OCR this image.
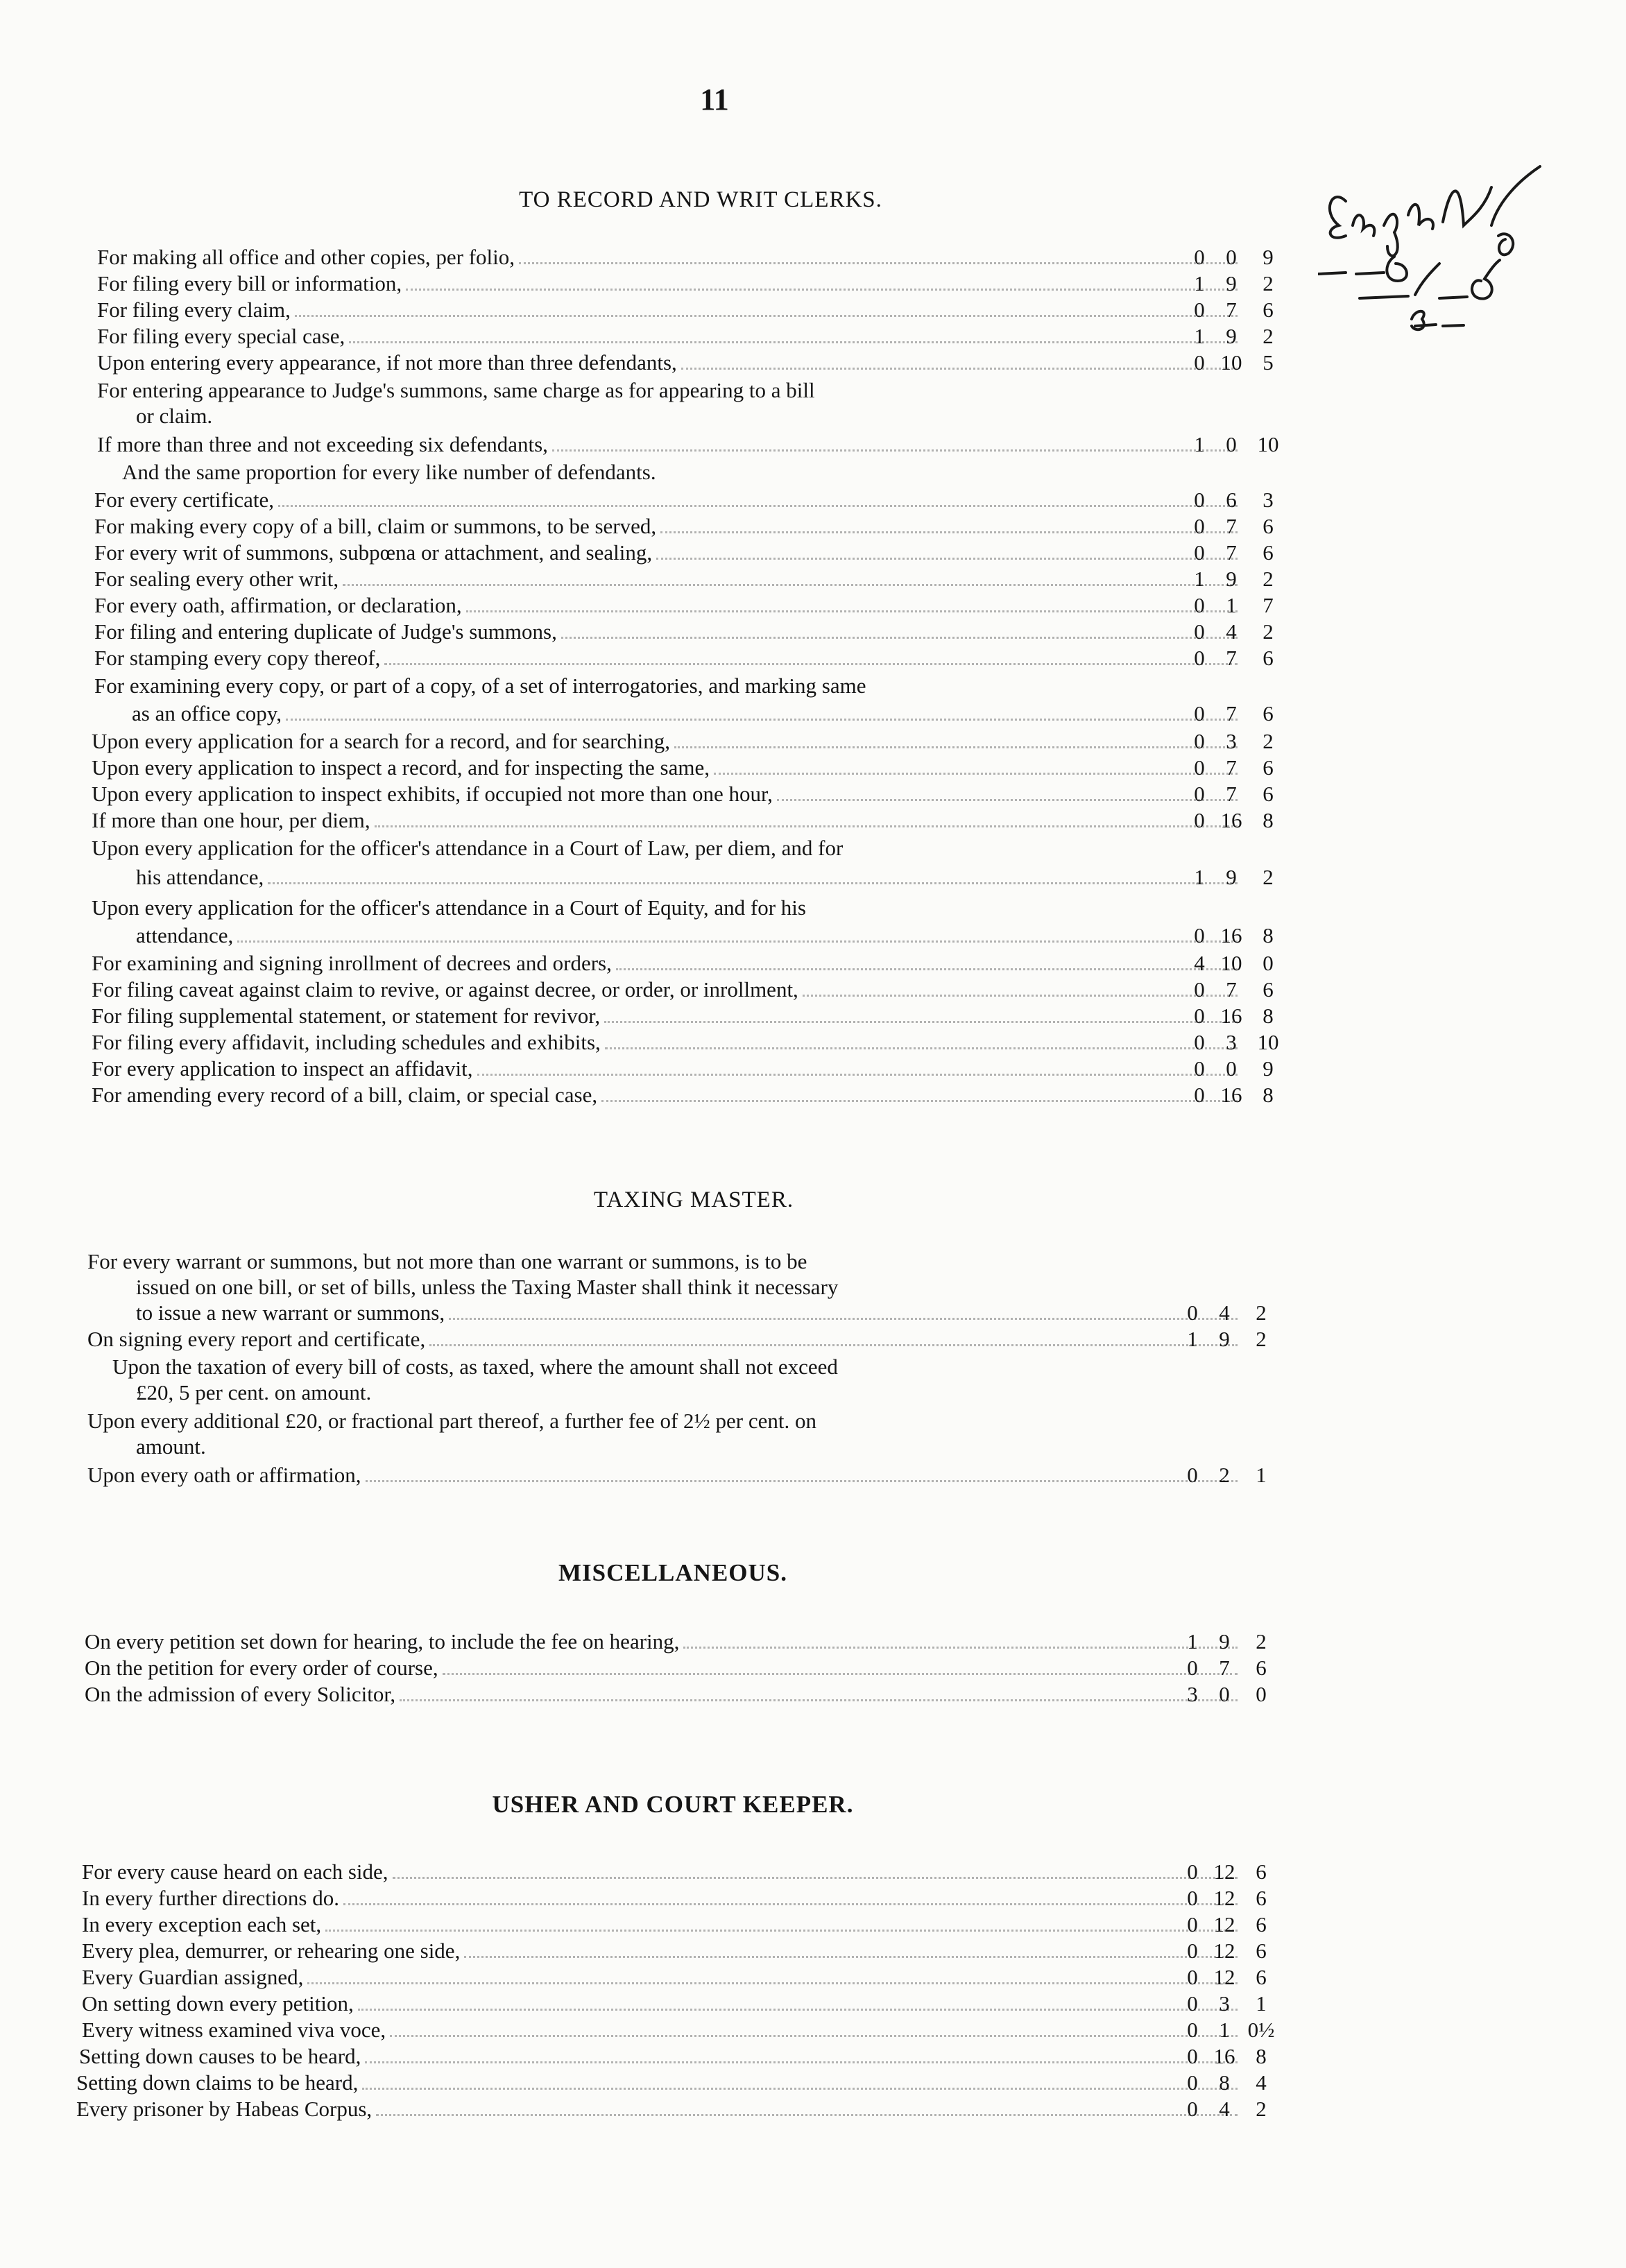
11
TO RECORD AND WRIT CLERKS.
For making all office and other copies, per folio,	0 0	9
For filing every bill or information,	1 9	2
For filing every claim,	0 7	6
For filing every special case,	1 9	2
Upon entering every appearance, if not more than three defendants,	0 10 5
For entering appearance to Judge's summons, same charge as for appearing to a bill
or claim.
If more than three and not exceeding six defendants,	1 0 10
And the same proportion for every like number of defendants.
For every certificate,	0 6	3
For making every copy of a bill, claim or summons, to be served,	0 7	6
For every writ of summons, subpœna or attachment, and sealing,	0 7	6
For sealing every other writ,	1 9	2
For every oath, affirmation, or declaration,	0 1	7
For filing and entering duplicate of Judge's summons,	0 4	2
For stamping every copy thereof,	0 7	6
For examining every copy, or part of a copy, of a set of interrogatories, and marking same
as an office copy,	0 7	6
Upon every application for a search for a record, and for searching,	0 3	2
Upon every application to inspect a record, and for inspecting the same,	0 7	6
Upon every application to inspect exhibits, if occupied not more than one hour,	0 7	6
If more than one hour, per diem,	0 16 8
Upon every application for the officer's attendance in a Court of Law, per diem, and for
his attendance,	1 9	2
Upon every application for the officer's attendance in a Court of Equity, and for his
attendance,	0 16 8
For examining and signing inrollment of decrees and orders,	4 10 0
For filing caveat against claim to revive, or against decree, or order, or inrollment,	0 7	6
For filing supplemental statement, or statement for revivor,	0 16 8
For filing every affidavit, including schedules and exhibits,	0 3 10
For every application to inspect an affidavit,	0 0	9
For amending every record of a bill, claim, or special case,	0 16 8
TAXING MASTER.
For every warrant or summons, but not more than one warrant or summons, is to be
issued on one bill, or set of bills, unless the Taxing Master shall think it necessary
to issue a new warrant or summons,	0 4	2
On signing every report and certificate,	1 9	2
Upon the taxation of every bill of costs, as taxed, where the amount shall not exceed
£20, 5 per cent. on amount.
Upon every additional £20, or fractional part thereof, a further fee of 2½ per cent. on
amount.
Upon every oath or affirmation,	0 2	1
MISCELLANEOUS.
On every petition set down for hearing, to include the fee on hearing,	1 9	2
On the petition for every order of course,	0 7	6
On the admission of every Solicitor,	3 0	0
USHER AND COURT KEEPER.
For every cause heard on each side,	0 12 6
In every further directions do.	0 12 6
In every exception each set,	0 12 6
Every plea, demurrer, or rehearing one side,	0 12 6
Every Guardian assigned,	0 12 6
On setting down every petition,	0 3	1
Every witness examined viva voce,	0 1 0½
Setting down causes to be heard,	0 16 8
Setting down claims to be heard,	0 8	4
Every prisoner by Habeas Corpus,	0 4	2
